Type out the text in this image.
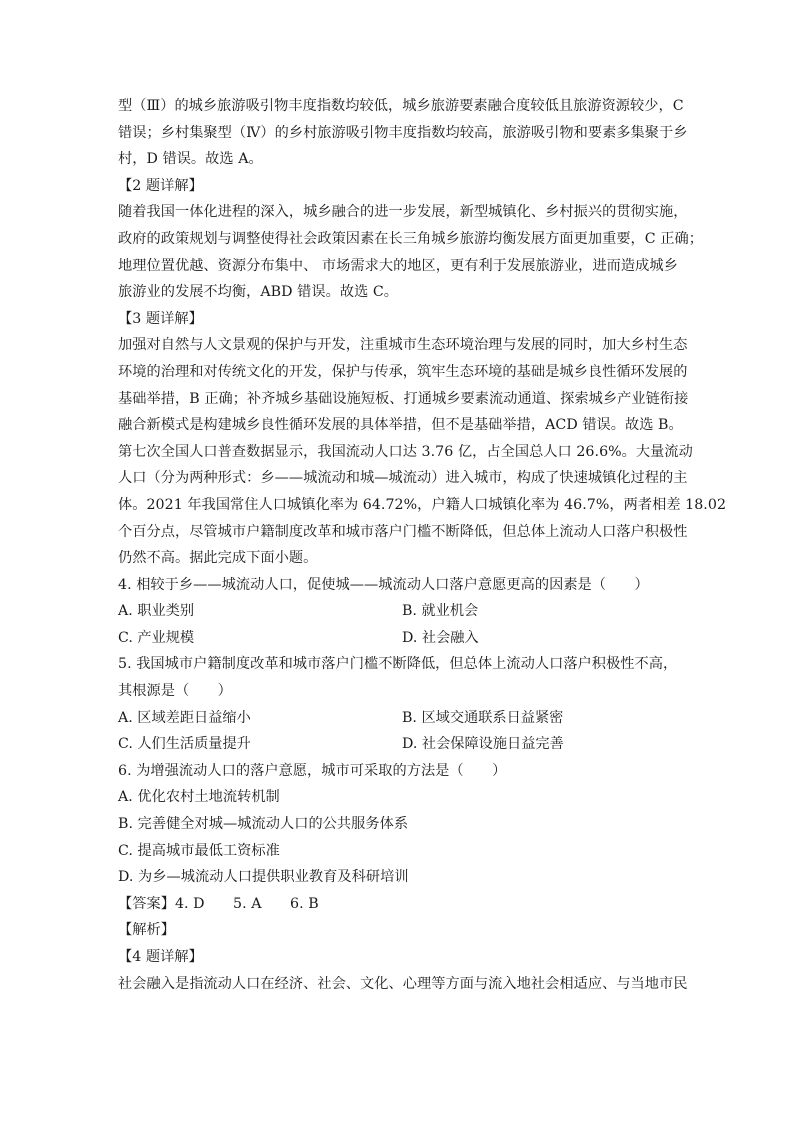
型（Ⅲ）的城乡旅游吸引物丰度指数均较低，城乡旅游要素融合度较低且旅游资源较少，C
错误；乡村集聚型（Ⅳ）的乡村旅游吸引物丰度指数均较高，旅游吸引物和要素多集聚于乡
村，D 错误。故选 A。
【2 题详解】
随着我国一体化进程的深入，城乡融合的进一步发展，新型城镇化、乡村振兴的贯彻实施，
政府的政策规划与调整使得社会政策因素在长三角城乡旅游均衡发展方面更加重要，C 正确；
地理位置优越、资源分布集中、 市场需求大的地区，更有利于发展旅游业，进而造成城乡
旅游业的发展不均衡，ABD 错误。故选 C。
【3 题详解】
加强对自然与人文景观的保护与开发，注重城市生态环境治理与发展的同时，加大乡村生态
环境的治理和对传统文化的开发，保护与传承，筑牢生态环境的基础是城乡良性循环发展的
基础举措，B 正确；补齐城乡基础设施短板、打通城乡要素流动通道、探索城乡产业链衔接
融合新模式是构建城乡良性循环发展的具体举措，但不是基础举措，ACD 错误。故选 B。
第七次全国人口普查数据显示，我国流动人口达 3.76 亿，占全国总人口 26.6%。大量流动
人口（分为两种形式：乡——城流动和城—城流动）进入城市，构成了快速城镇化过程的主
体。2021 年我国常住人口城镇化率为 64.72%，户籍人口城镇化率为 46.7%，两者相差 18.02
个百分点，尽管城市户籍制度改革和城市落户门槛不断降低，但总体上流动人口落户积极性
仍然不高。据此完成下面小题。
4. 相较于乡——城流动人口，促使城——城流动人口落户意愿更高的因素是（　　）
A. 职业类别	B. 就业机会
C. 产业规模	D. 社会融入
5. 我国城市户籍制度改革和城市落户门槛不断降低，但总体上流动人口落户积极性不高，
其根源是（　　）
A. 区域差距日益缩小	B. 区域交通联系日益紧密
C. 人们生活质量提升	D. 社会保障设施日益完善
6. 为增强流动人口的落户意愿，城市可采取的方法是（　　）
A. 优化农村土地流转机制
B. 完善健全对城—城流动人口的公共服务体系
C. 提高城市最低工资标准
D. 为乡—城流动人口提供职业教育及科研培训
【答案】4. D　　5. A　　6. B
【解析】
【4 题详解】
社会融入是指流动人口在经济、社会、文化、心理等方面与流入地社会相适应、与当地市民
